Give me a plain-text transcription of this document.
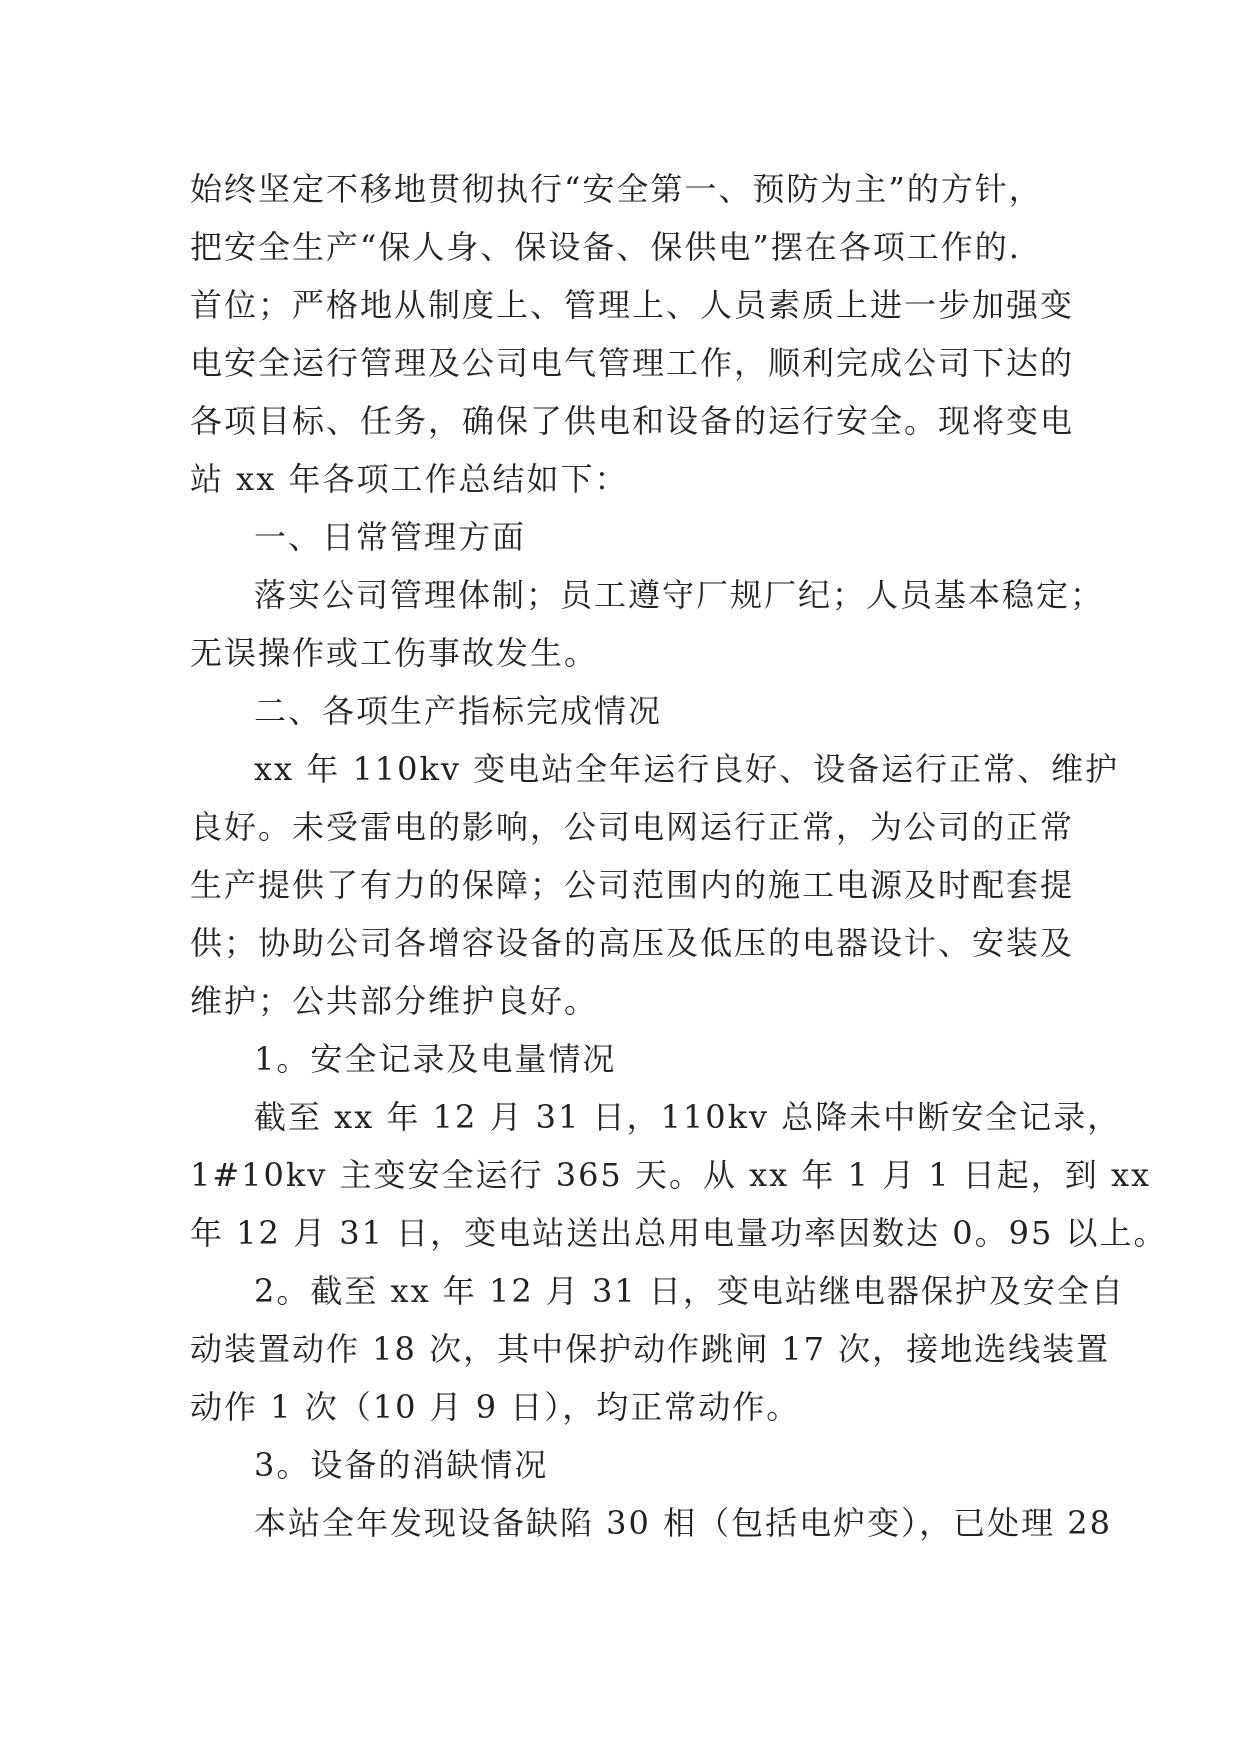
始终坚定不移地贯彻执行“安全第一、预防为主”的方针，
把安全生产“保人身、保设备、保供电”摆在各项工作的.
首位；严格地从制度上、管理上、人员素质上进一步加强变
电安全运行管理及公司电气管理工作，顺利完成公司下达的
各项目标、任务，确保了供电和设备的运行安全。现将变电
站 xx 年各项工作总结如下：
一、日常管理方面
落实公司管理体制；员工遵守厂规厂纪；人员基本稳定；
无误操作或工伤事故发生。
二、各项生产指标完成情况
xx 年 110kv 变电站全年运行良好、设备运行正常、维护
良好。未受雷电的影响，公司电网运行正常，为公司的正常
生产提供了有力的保障；公司范围内的施工电源及时配套提
供；协助公司各增容设备的高压及低压的电器设计、安装及
维护；公共部分维护良好。
1。安全记录及电量情况
截至 xx 年 12 月 31 日，110kv 总降未中断安全记录，
1#10kv 主变安全运行 365 天。从 xx 年 1 月 1 日起，到 xx
年 12 月 31 日，变电站送出总用电量功率因数达 0。95 以上。
2。截至 xx 年 12 月 31 日，变电站继电器保护及安全自
动装置动作 18 次，其中保护动作跳闸 17 次，接地选线装置
动作 1 次（10 月 9 日），均正常动作。
3。设备的消缺情况
本站全年发现设备缺陷 30 相（包括电炉变），已处理 28
